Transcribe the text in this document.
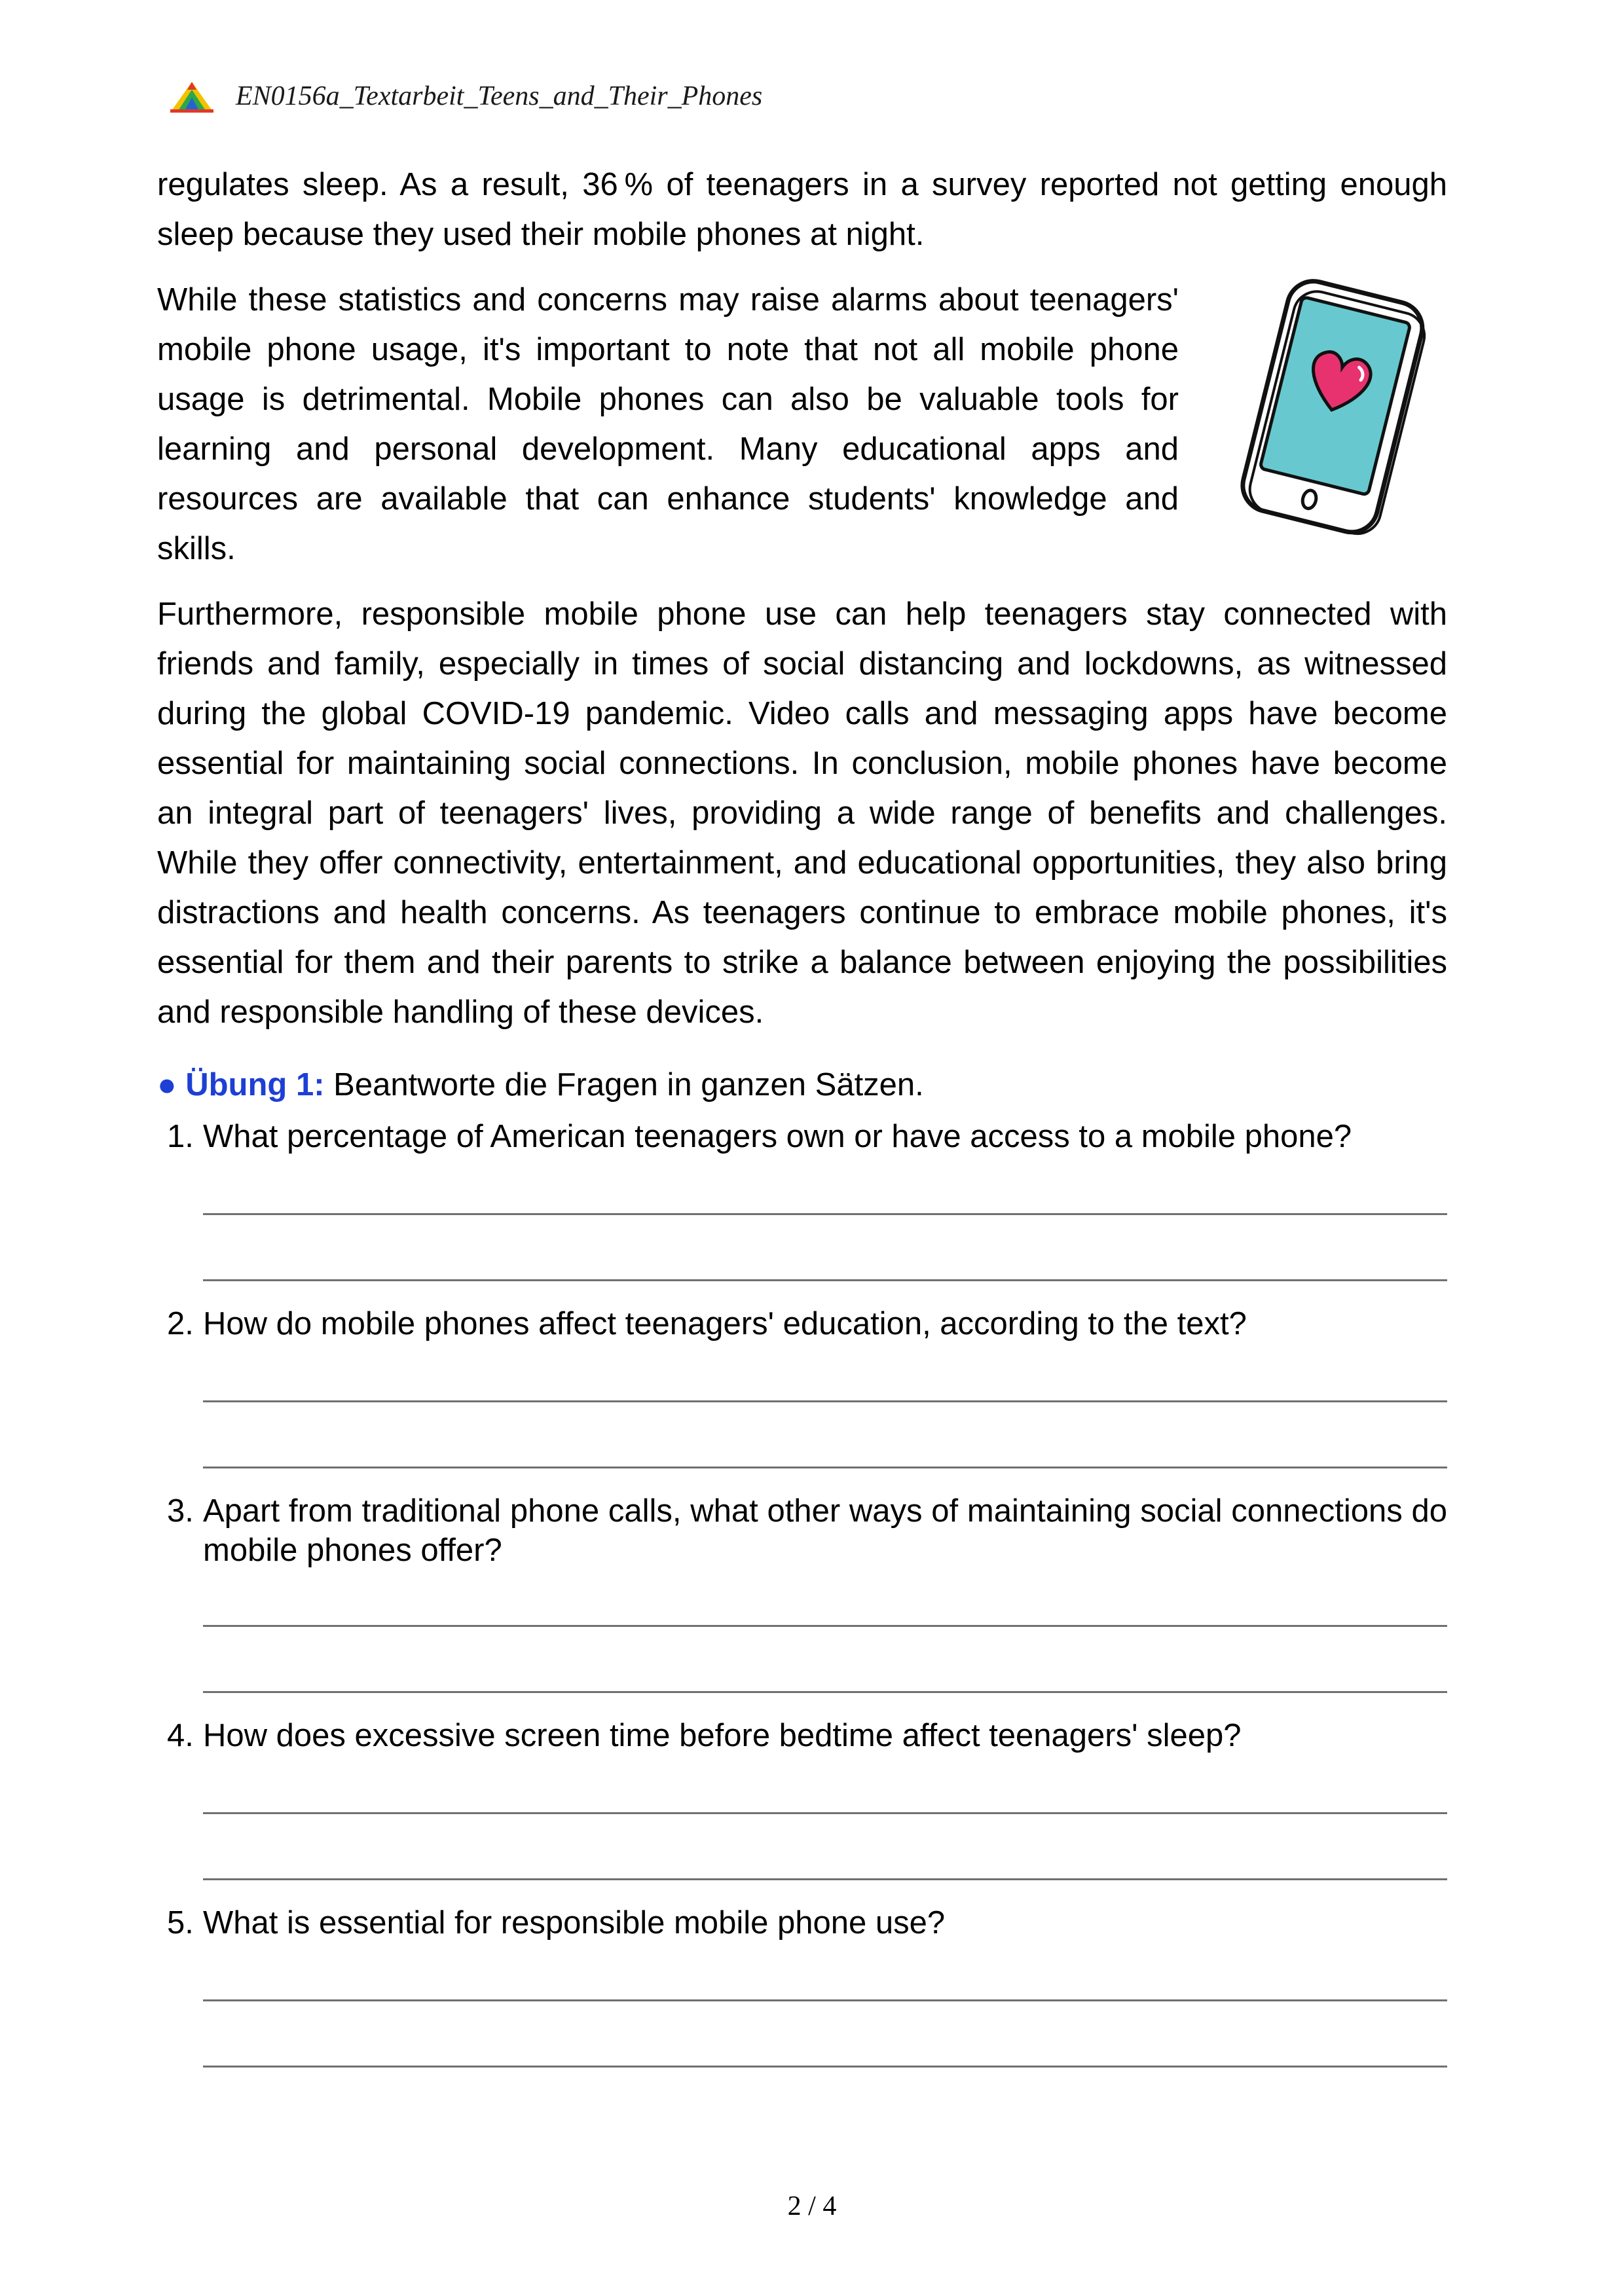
EN0156a_Textarbeit_Teens_and_Their_Phones

regulates sleep. As a result, 36 % of teenagers in a survey reported not getting enough sleep because they used their mobile phones at night.

While these statistics and concerns may raise alarms about teenagers' mobile phone usage, it's important to note that not all mobile phone usage is detrimental. Mobile phones can also be valuable tools for learning and personal development. Many educational apps and resources are available that can enhance students' knowledge and skills.

Furthermore, responsible mobile phone use can help teenagers stay connected with friends and family, especially in times of social distancing and lockdowns, as witnessed during the global COVID-19 pandemic. Video calls and messaging apps have become essential for maintaining social connections. In conclusion, mobile phones have become an integral part of teenagers' lives, providing a wide range of benefits and challenges. While they offer connectivity, entertainment, and educational opportunities, they also bring distractions and health concerns. As teenagers continue to embrace mobile phones, it's essential for them and their parents to strike a balance between enjoying the possibilities and responsible handling of these devices.

● Übung 1: Beantworte die Fragen in ganzen Sätzen.
1. What percentage of American teenagers own or have access to a mobile phone?
2. How do mobile phones affect teenagers' education, according to the text?
3. Apart from traditional phone calls, what other ways of maintaining social connections do mobile phones offer?
4. How does excessive screen time before bedtime affect teenagers' sleep?
5. What is essential for responsible mobile phone use?
2 / 4
